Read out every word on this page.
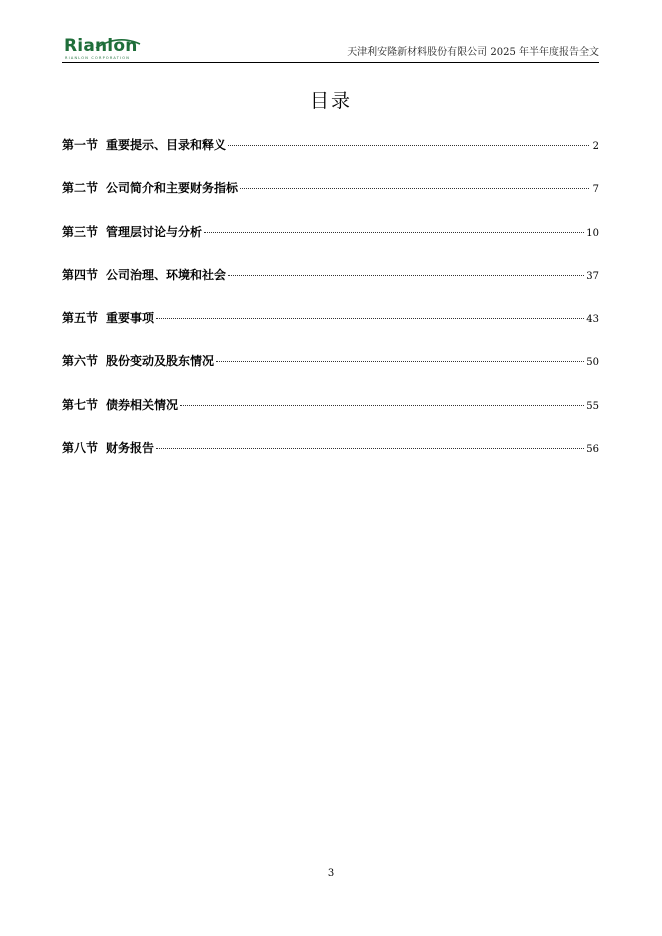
Rianlon
RIANLON CORPORATION	天津利安隆新材料股份有限公司 2025 年半年度报告全文
目录
第一节 重要提示、目录和释义	2
第二节 公司简介和主要财务指标	7
第三节 管理层讨论与分析	10
第四节 公司治理、环境和社会	37
第五节 重要事项	43
第六节 股份变动及股东情况	50
第七节 债券相关情况	55
第八节 财务报告	56
3
